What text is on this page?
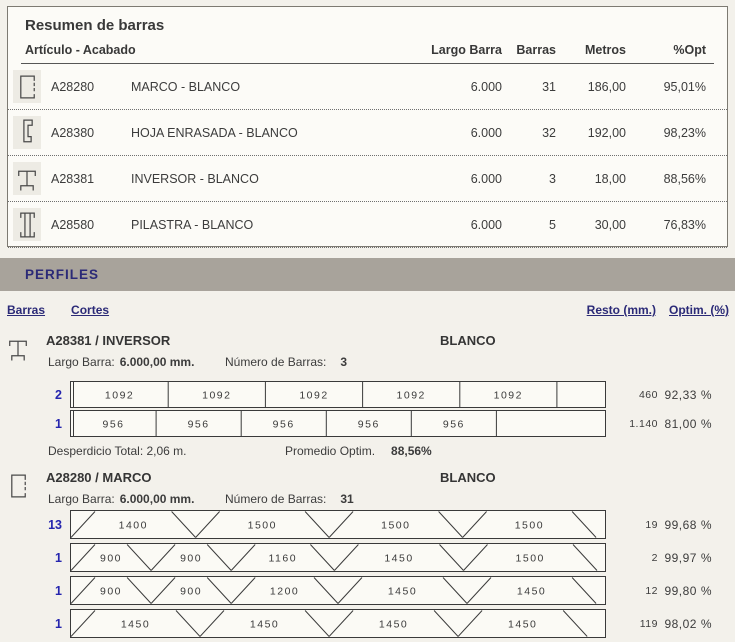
Resumen de barras
Artículo - Acabado	Largo Barra	Barras	Metros	%Opt
A28280	MARCO - BLANCO	6.000	31	186,00	95,01%
A28380	HOJA ENRASADA - BLANCO	6.000	32	192,00	98,23%
A28381	INVERSOR - BLANCO	6.000	3	18,00	88,56%
A28580	PILASTRA - BLANCO	6.000	5	30,00	76,83%
PERFILES
Barras Cortes	Resto (mm.) Optim. (%)
A28381 / INVERSOR	BLANCO
Largo Barra: 6.000,00 mm.	Número de Barras: 3
2	1092	1092	1092	1092	1092	460 92,33 %
1	956	956	956	956	956	1.140 81,00 %
Desperdicio Total: 2,06 m.	Promedio Optim. 88,56%
A28280 / MARCO	BLANCO
Largo Barra: 6.000,00 mm.	Número de Barras: 31
13	1400	1500	1500	1500	19 99,68 %
1	900	900	1160	1450	1500	2 99,97 %
1	900	900	1200	1450	1450	12 99,80 %
1	1450	1450	1450	1450	119 98,02 %
